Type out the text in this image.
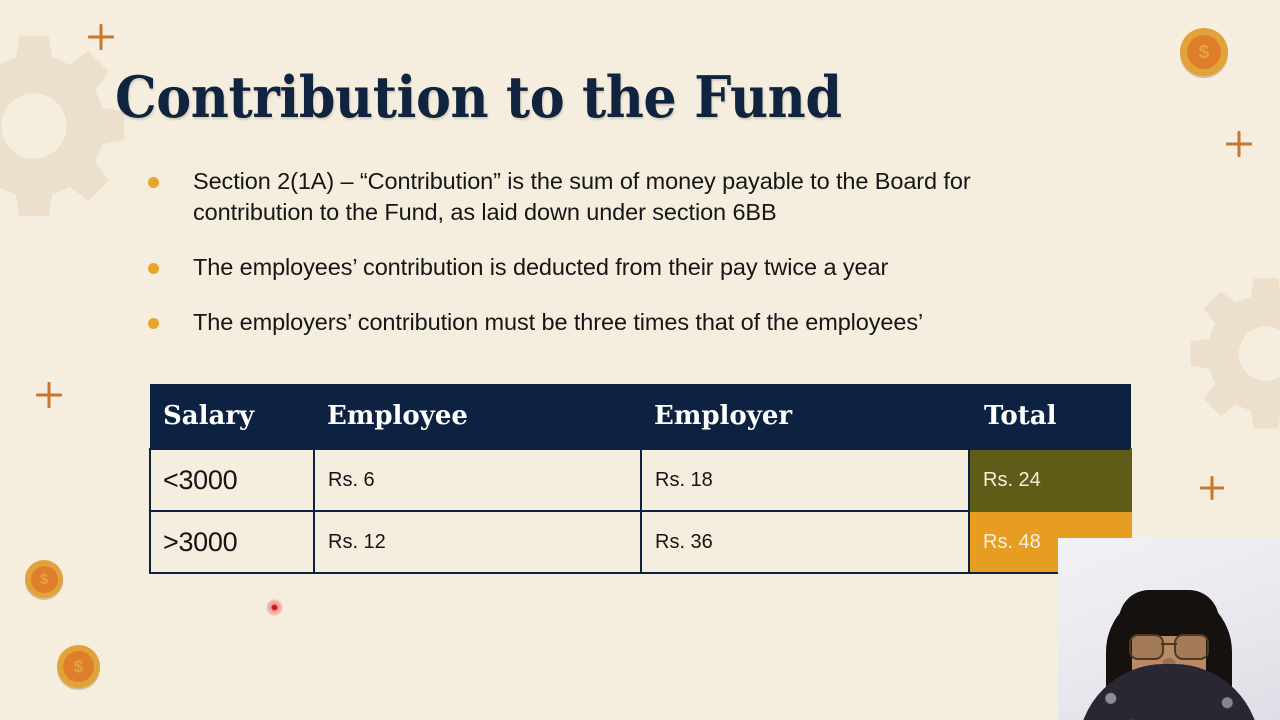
$
$
$
Contribution to the Fund
Section 2(1A) – “Contribution” is the sum of money payable to the Board for contribution to the Fund, as laid down under section 6BB
The employees’ contribution is deducted from their pay twice a year
The employers’ contribution must be three times that of the employees’
Salary	Employee	Employer	Total
<3000	Rs. 6	Rs. 18	Rs. 24
>3000	Rs. 12	Rs. 36	Rs. 48
